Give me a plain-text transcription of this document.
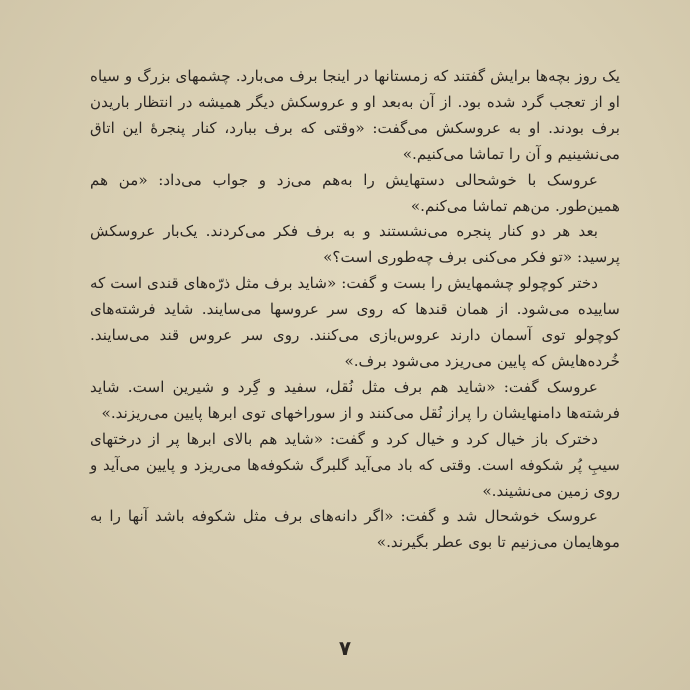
یک روز بچه‌ها برایش گفتند که زمستانها در اینجا برف می‌بارد. چشمهای بزرگ و سیاه او از تعجب گرد شده بود. از آن به‌بعد او و عروسکش دیگر همیشه در انتظار باریدن برف بودند. او به عروسکش می‌گفت: «وقتی که برف ببارد، کنار پنجرهٔ این اتاق می‌نشینیم و آن را تماشا می‌کنیم.»

عروسک با خوشحالی دستهایش را به‌هم می‌زد و جواب می‌داد: «من هم همین‌طور. من‌هم تماشا می‌کنم.»

بعد هر دو کنار پنجره می‌نشستند و به برف فکر می‌کردند. یک‌بار عروسکش پرسید: «تو فکر می‌کنی برف چه‌طوری است؟»

دختر کوچولو چشمهایش را بست و گفت: «شاید برف مثل ذرّه‌های قندی است که ساییده می‌شود. از همان قندها که روی سر عروسها می‌سایند. شاید فرشته‌های کوچولو توی آسمان دارند عروس‌بازی می‌کنند. روی سر عروس قند می‌سایند. خُرده‌هایش که پایین می‌ریزد می‌شود برف.»

عروسک گفت: «شاید هم برف مثل نُقل، سفید و گِرد و شیرین است. شاید فرشته‌ها دامنهایشان را پراز نُقل می‌کنند و از سوراخهای توی ابرها پایین می‌ریزند.»

دخترک باز خیال کرد و خیال کرد و گفت: «شاید هم بالای ابرها پر از درختهای سیبِ پُر شکوفه است. وقتی که باد می‌آید گلبرگ شکوفه‌ها می‌ریزد و پایین می‌آید و روی زمین می‌نشیند.»

عروسک خوشحال شد و گفت: «اگر دانه‌های برف مثل شکوفه باشد آنها را به موهایمان می‌زنیم تا بوی عطر بگیرند.»

۷
